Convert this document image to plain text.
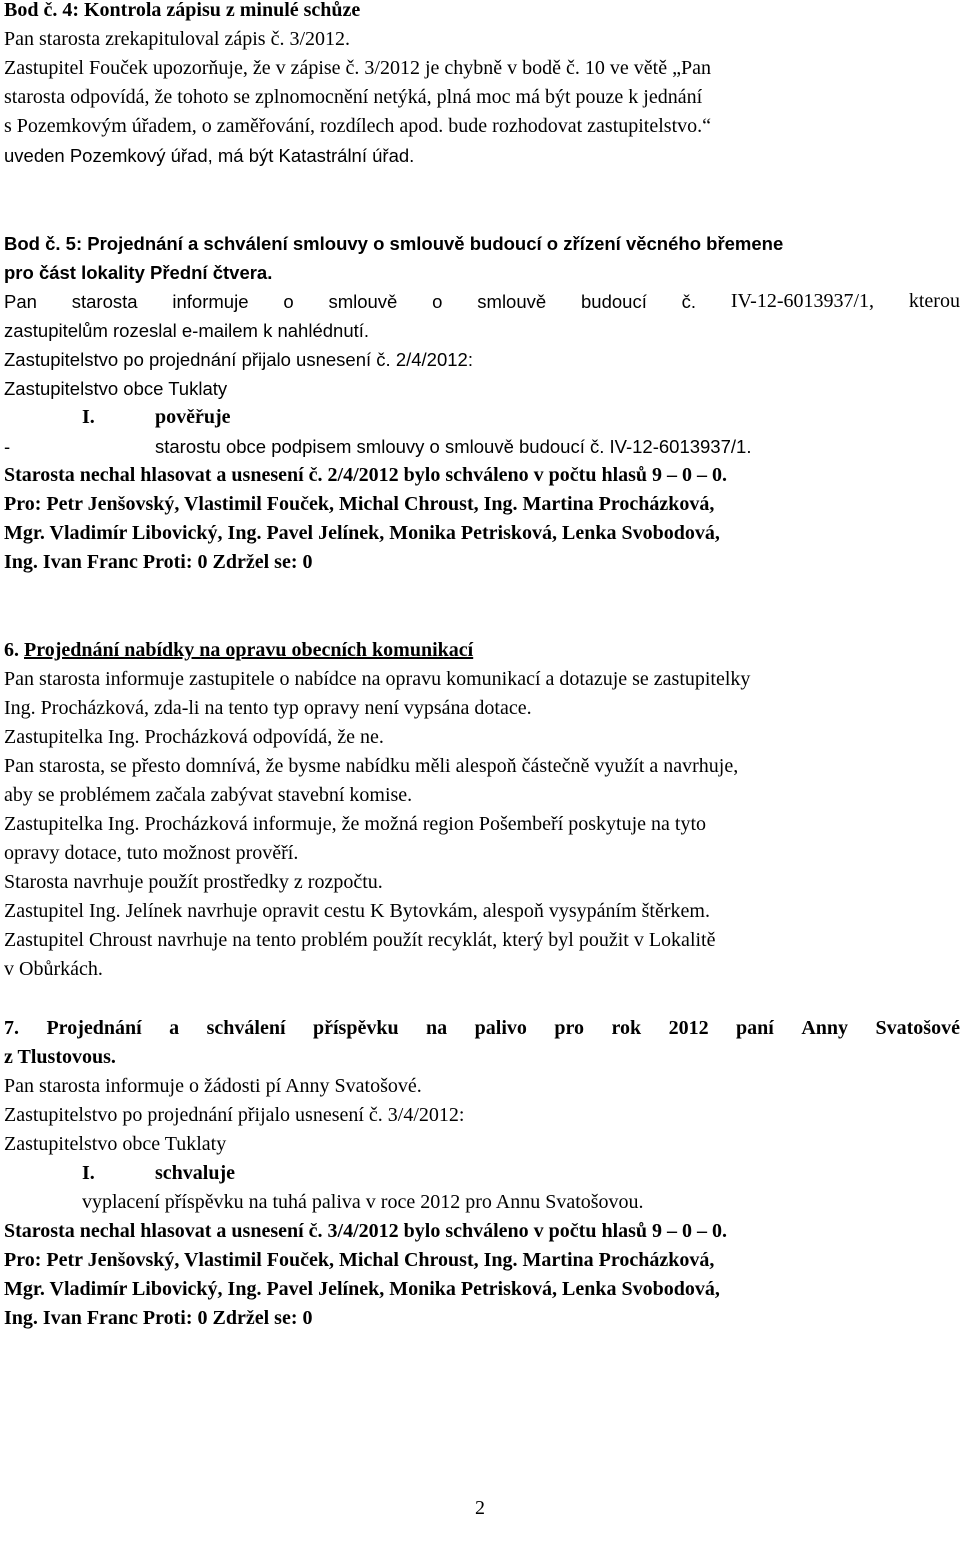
Bod č. 4: Kontrola zápisu z minulé schůze
Pan starosta zrekapituloval zápis č. 3/2012.
Zastupitel Fouček upozorňuje, že v zápise č. 3/2012 je chybně v bodě č. 10 ve větě „Pan
starosta odpovídá, že tohoto se zplnomocnění netýká, plná moc má být pouze k jednání
s Pozemkovým úřadem, o zaměřování, rozdílech apod. bude rozhodovat zastupitelstvo.“
uveden Pozemkový úřad, má být Katastrální úřad.
Bod č. 5: Projednání a schválení smlouvy o smlouvě budoucí o zřízení věcného břemene
pro část lokality Přední čtvera.
Pan starosta informuje o smlouvě o smlouvě budoucí č. IV-12-6013937/1, kterou
zastupitelům rozeslal e-mailem k nahlédnutí.
Zastupitelstvo po projednání přijalo usnesení č. 2/4/2012:
Zastupitelstvo obce Tuklaty
I.	pověřuje
-	starostu obce podpisem smlouvy o smlouvě budoucí č. IV-12-6013937/1.
Starosta nechal hlasovat a usnesení č. 2/4/2012 bylo schváleno v počtu hlasů 9 – 0 – 0.
Pro: Petr Jenšovský, Vlastimil Fouček, Michal Chroust, Ing. Martina Procházková,
Mgr. Vladimír Libovický, Ing. Pavel Jelínek, Monika Petrisková, Lenka Svobodová,
Ing. Ivan Franc Proti: 0 Zdržel se: 0
6. Projednání nabídky na opravu obecních komunikací
Pan starosta informuje zastupitele o nabídce na opravu komunikací a dotazuje se zastupitelky
Ing. Procházková, zda-li na tento typ opravy není vypsána dotace.
Zastupitelka Ing. Procházková odpovídá, že ne.
Pan starosta, se přesto domnívá, že bysme nabídku měli alespoň částečně využít a navrhuje,
aby se problémem začala zabývat stavební komise.
Zastupitelka Ing. Procházková informuje, že možná region Pošembeří poskytuje na tyto
opravy dotace, tuto možnost prověří.
Starosta navrhuje použít prostředky z rozpočtu.
Zastupitel Ing. Jelínek navrhuje opravit cestu K Bytovkám, alespoň vysypáním štěrkem.
Zastupitel Chroust navrhuje na tento problém použít recyklát, který byl použit v Lokalitě
v Obůrkách.
7. Projednání a schválení příspěvku na palivo pro rok 2012 paní Anny Svatošové
z Tlustovous.
Pan starosta informuje o žádosti pí Anny Svatošové.
Zastupitelstvo po projednání přijalo usnesení č. 3/4/2012:
Zastupitelstvo obce Tuklaty
I.	schvaluje
vyplacení příspěvku na tuhá paliva v roce 2012 pro Annu Svatošovou.
Starosta nechal hlasovat a usnesení č. 3/4/2012 bylo schváleno v počtu hlasů 9 – 0 – 0.
Pro: Petr Jenšovský, Vlastimil Fouček, Michal Chroust, Ing. Martina Procházková,
Mgr. Vladimír Libovický, Ing. Pavel Jelínek, Monika Petrisková, Lenka Svobodová,
Ing. Ivan Franc Proti: 0 Zdržel se: 0
2
